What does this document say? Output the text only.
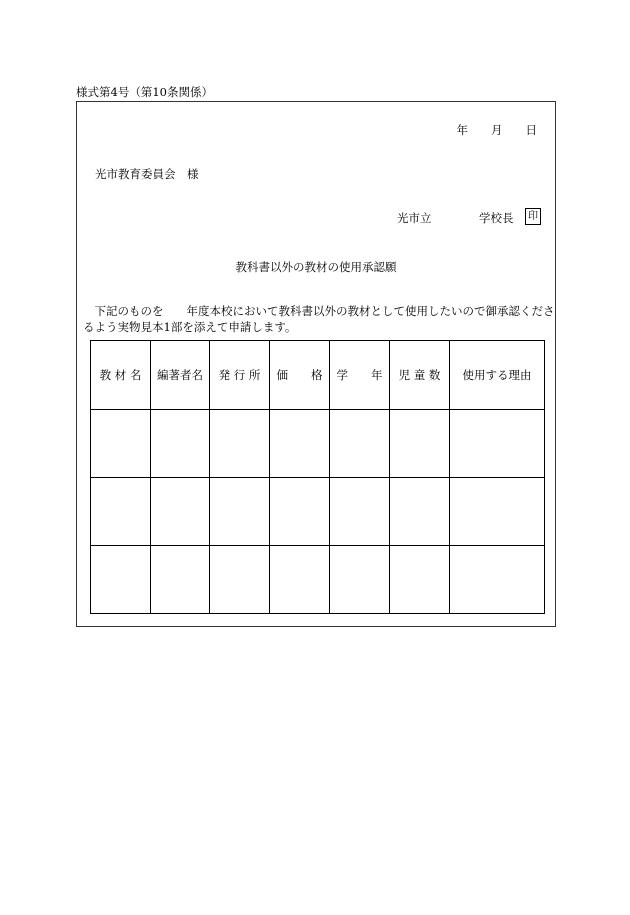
様式第4号（第10条関係）
年　　月　　日
光市教育委員会　様
光市立	学校長	印
教科書以外の教材の使用承認願
　下記のものを　　年度本校において教科書以外の教材として使用したいので御承認くださるよう実物見本1部を添えて申請します。
教 材 名	編著者名	発 行 所	価　　格	学　　年	児 童 数	使用する理由
